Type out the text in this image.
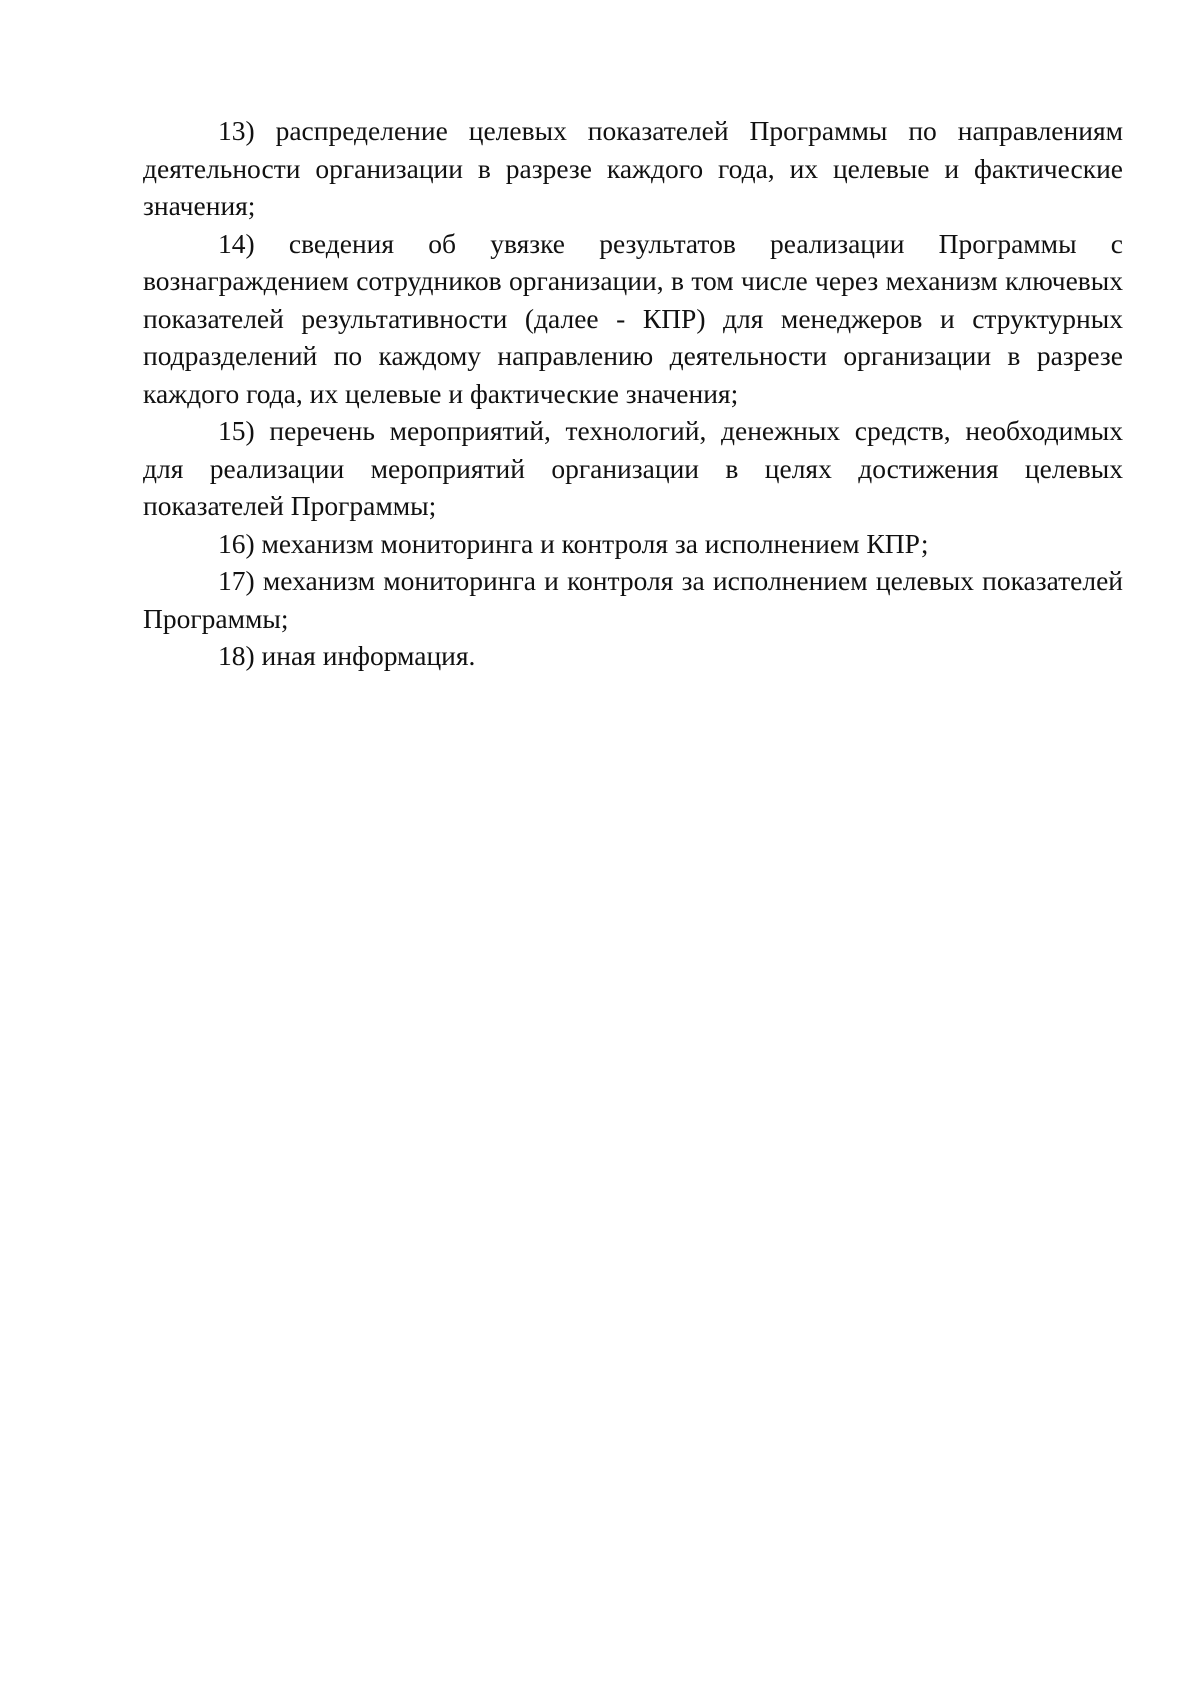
13) распределение целевых показателей Программы по направлениям деятельности организации в разрезе каждого года, их целевые и фактические значения;

14) сведения об увязке результатов реализации Программы с вознаграждением сотрудников организации, в том числе через механизм ключевых показателей результативности (далее - КПР) для менеджеров и структурных подразделений по каждому направлению деятельности организации в разрезе каждого года, их целевые и фактические значения;

15) перечень мероприятий, технологий, денежных средств, необходимых для реализации мероприятий организации в целях достижения целевых показателей Программы;

16) механизм мониторинга и контроля за исполнением КПР;

17) механизм мониторинга и контроля за исполнением целевых показателей Программы;

18) иная информация.
